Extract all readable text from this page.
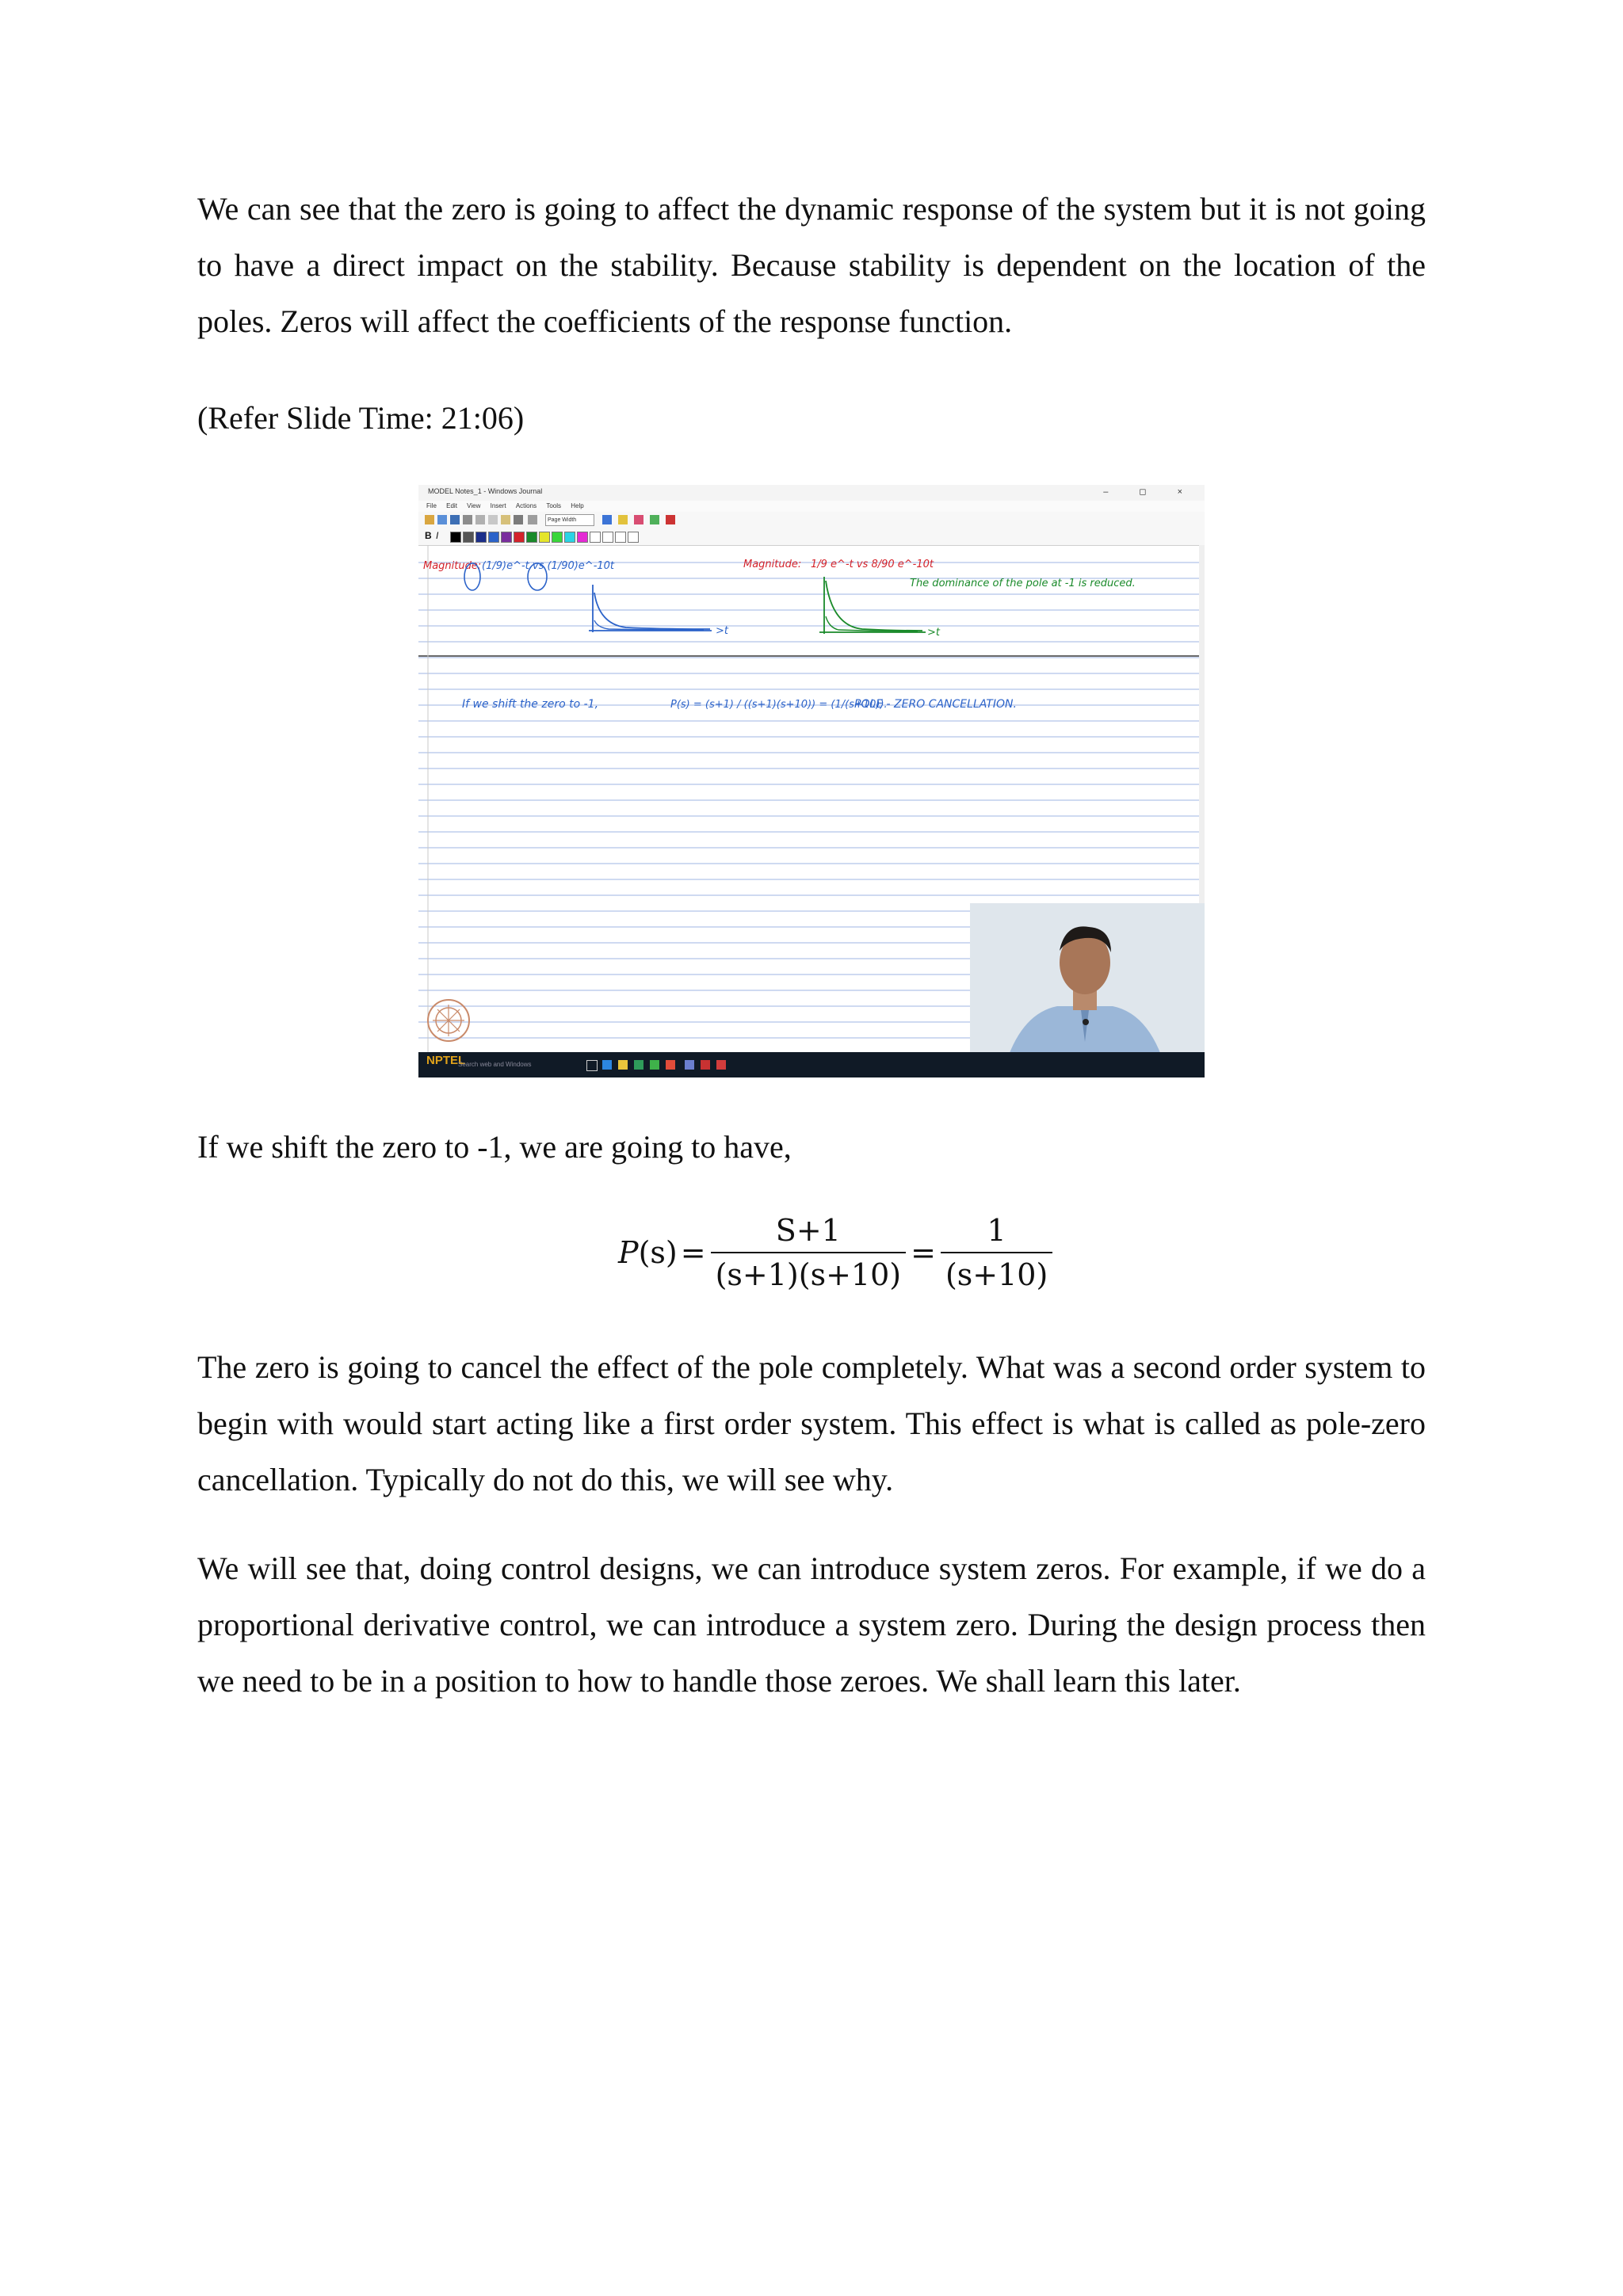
We can see that the zero is going to affect the dynamic response of the system but it is not going to have a direct impact on the stability. Because stability is dependent on the location of the poles. Zeros will affect the coefficients of the response function.

(Refer Slide Time: 21:06)

MODEL Notes_1 - Windows Journal	– ◻ ×
File Edit View Insert Actions Tools Help
Page Width
B I
Magnitude: (1/9)e^-t vs (1/90)e^-10t
>t
Magnitude: 1/9 e^-t vs 8/90 e^-10t
The dominance of the pole at -1 is reduced.
>t
If we shift the zero to -1,	P(s) = (s+1) / ((s+1)(s+10)) = (1/(s+10)).
POLE - ZERO CANCELLATION.
NPTEL
Search web and Windows

If we shift the zero to -1, we are going to have,

P $(s) = \frac{S+1}{(s+1)(s+10)} = \frac{1}{(s+10)}$

The zero is going to cancel the effect of the pole completely. What was a second order system to begin with would start acting like a first order system. This effect is what is called as pole-zero cancellation. Typically do not do this, we will see why.

We will see that, doing control designs, we can introduce system zeros. For example, if we do a proportional derivative control, we can introduce a system zero. During the design process then we need to be in a position to how to handle those zeroes. We shall learn this later.
